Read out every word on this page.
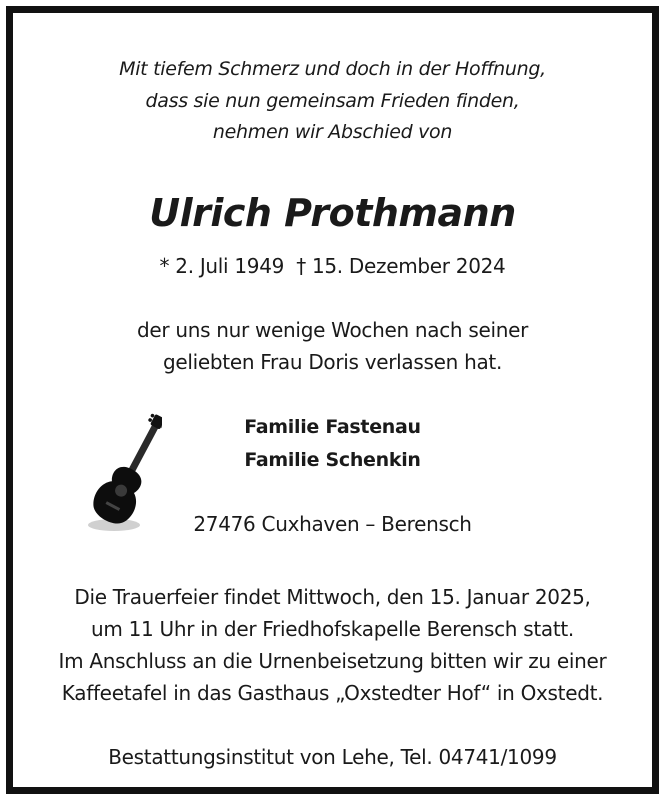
Mit tiefem Schmerz und doch in der Hoffnung,
dass sie nun gemeinsam Frieden finden,
nehmen wir Abschied von
Ulrich Prothmann
* 2. Juli 1949 † 15. Dezember 2024
der uns nur wenige Wochen nach seiner
geliebten Frau Doris verlassen hat.
Familie Fastenau
Familie Schenkin
27476 Cuxhaven – Berensch
Die Trauerfeier findet Mittwoch, den 15. Januar 2025,
um 11 Uhr in der Friedhofskapelle Berensch statt.
Im Anschluss an die Urnenbeisetzung bitten wir zu einer
Kaffeetafel in das Gasthaus „Oxstedter Hof“ in Oxstedt.
Bestattungsinstitut von Lehe, Tel. 04741/1099
